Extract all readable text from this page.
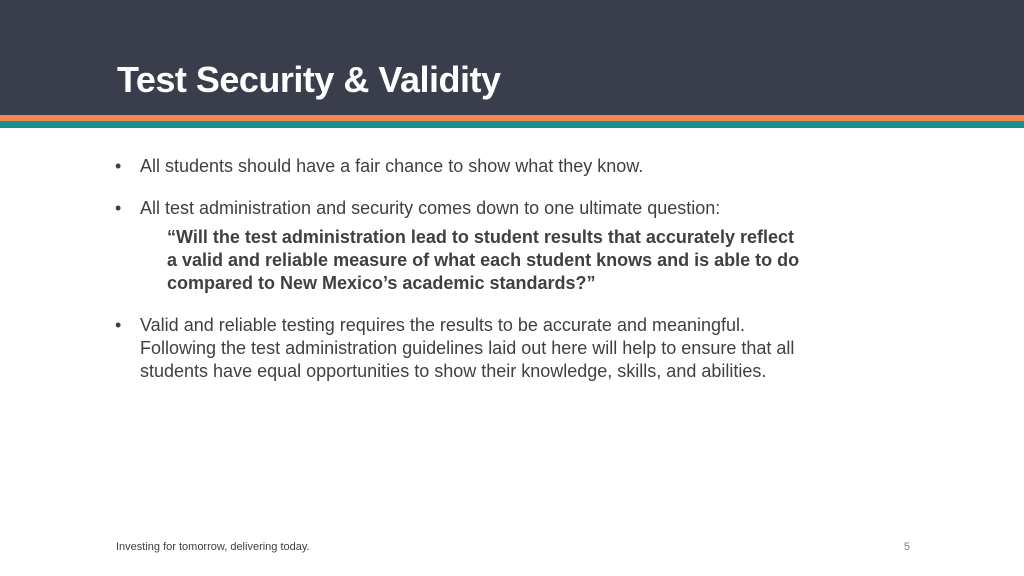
Test Security & Validity
•	All students should have a fair chance to show what they know.
•	All test administration and security comes down to one ultimate question:
“Will the test administration lead to student results that accurately reflect a valid and reliable measure of what each student knows and is able to do compared to New Mexico’s academic standards?”
•	Valid and reliable testing requires the results to be accurate and meaningful. Following the test administration guidelines laid out here will help to ensure that all students have equal opportunities to show their knowledge, skills, and abilities.
Investing for tomorrow, delivering today.	5
